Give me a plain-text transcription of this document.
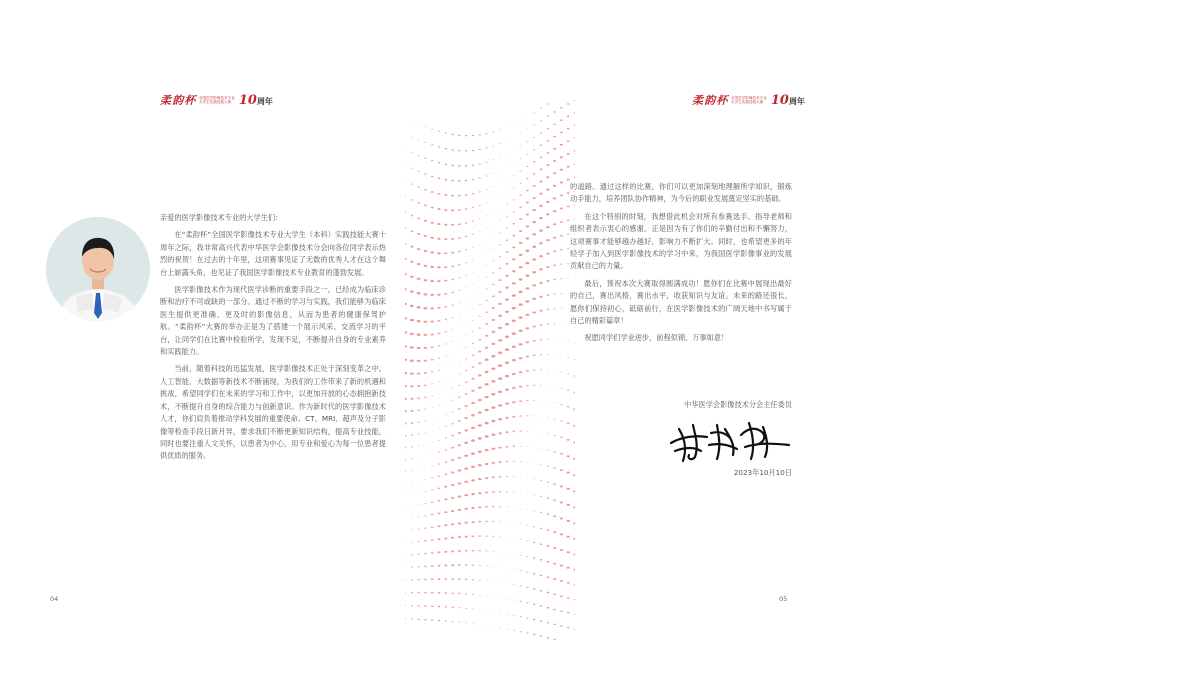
柔 韵 杯 全国医学影像技术专业
大学生实践技能大赛 10 周年	柔 韵 杯 全国医学影像技术专业
大学生实践技能大赛 10 周年

亲爱的医学影像技术专业的大学生们：

在“柔韵杯”全国医学影像技术专业大学生（本科）实践技能大赛十周年之际，我非常高兴代表中华医学会影像技术分会向各位同学表示热烈的祝贺！在过去的十年里，这项赛事见证了无数的优秀人才在这个舞台上崭露头角，也见证了我国医学影像技术专业教育的蓬勃发展。

医学影像技术作为现代医学诊断的重要手段之一，已经成为临床诊断和治疗不可或缺的一部分。通过不断的学习与实践，我们能够为临床医生提供更准确、更及时的影像信息，从而为患者的健康保驾护航。“柔韵杯”大赛的举办正是为了搭建一个展示风采、交流学习的平台，让同学们在比赛中检验所学，发现不足，不断提升自身的专业素养和实践能力。

当前，随着科技的迅猛发展，医学影像技术正处于深刻变革之中。人工智能、大数据等新技术不断涌现，为我们的工作带来了新的机遇和挑战，希望同学们在未来的学习和工作中，以更加开放的心态拥抱新技术，不断提升自身的综合能力与创新意识。作为新时代的医学影像技术人才，你们肩负着推动学科发展的重要使命。CT、MRI、超声及分子影像等检查手段日新月异，要求我们不断更新知识结构，提高专业技能，同时也要注重人文关怀，以患者为中心，用专业和爱心为每一位患者提供优质的服务。

的道路。通过这样的比赛，你们可以更加深刻地理解所学知识，锻炼动手能力，培养团队协作精神，为今后的职业发展奠定坚实的基础。

在这个特别的时刻，我想借此机会对所有参赛选手、指导老师和组织者表示衷心的感谢。正是因为有了你们的辛勤付出和不懈努力，这项赛事才能够越办越好，影响力不断扩大。同时，也希望更多的年轻学子加入到医学影像技术的学习中来，为我国医学影像事业的发展贡献自己的力量。

最后，预祝本次大赛取得圆满成功！愿你们在比赛中展现出最好的自己，赛出风格，赛出水平，收获知识与友谊。未来的路还很长，愿你们保持初心，砥砺前行，在医学影像技术的广阔天地中书写属于自己的精彩篇章！

祝愿同学们学业进步，前程似锦，万事如意！

中华医学会影像技术分会主任委员
2023年10月10日
04	05
